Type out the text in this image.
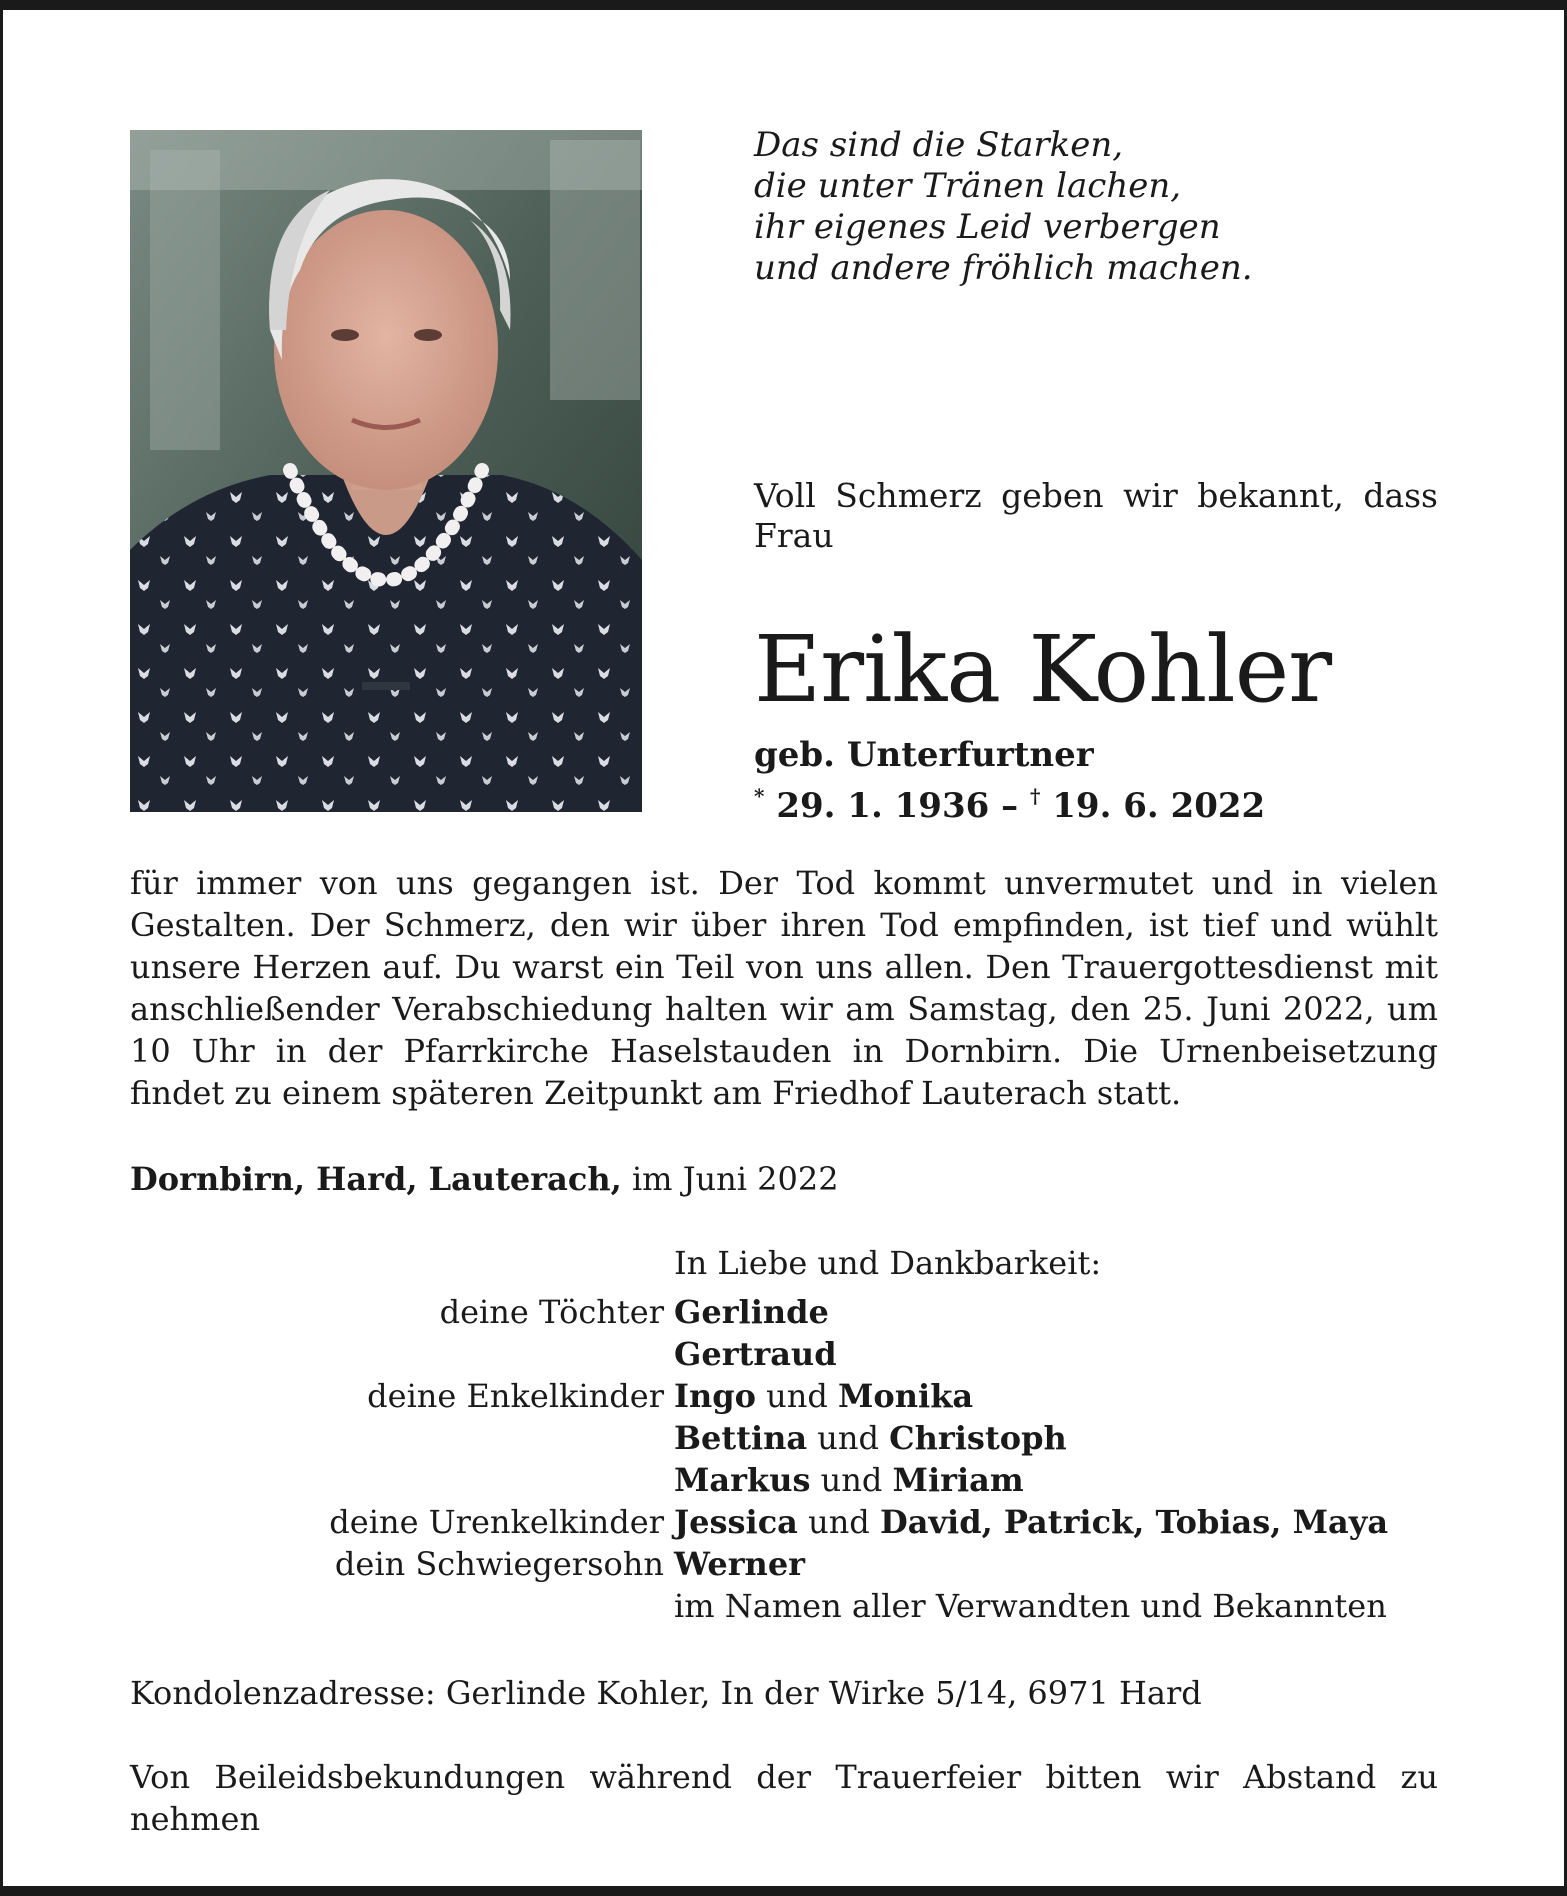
Das sind die Starken,
die unter Tränen lachen,
ihr eigenes Leid verbergen
und andere fröhlich machen.
Voll Schmerz geben wir bekannt, dass Frau
Erika Kohler
geb. Unterfurtner
* 29. 1. 1936 – † 19. 6. 2022
für immer von uns gegangen ist. Der Tod kommt unvermutet und in vielen Gestalten. Der Schmerz, den wir über ihren Tod empfinden, ist tief und wühlt unsere Herzen auf. Du warst ein Teil von uns allen. Den Trauergottesdienst mit anschließender Verabschiedung halten wir am Samstag, den 25. Juni 2022, um 10 Uhr in der Pfarrkirche Haselstauden in Dornbirn. Die Urnenbeisetzung findet zu einem späteren Zeitpunkt am Friedhof Lauterach statt.
Dornbirn, Hard, Lauterach, im Juni 2022
In Liebe und Dankbarkeit:
deine Töchter Gerlinde
Gertraud
deine Enkelkinder Ingo und Monika
Bettina und Christoph
Markus und Miriam
deine Urenkelkinder Jessica und David, Patrick, Tobias, Maya
dein Schwiegersohn Werner
im Namen aller Verwandten und Bekannten
Kondolenzadresse: Gerlinde Kohler, In der Wirke 5/14, 6971 Hard
Von Beileidsbekundungen während der Trauerfeier bitten wir Abstand zu nehmen
